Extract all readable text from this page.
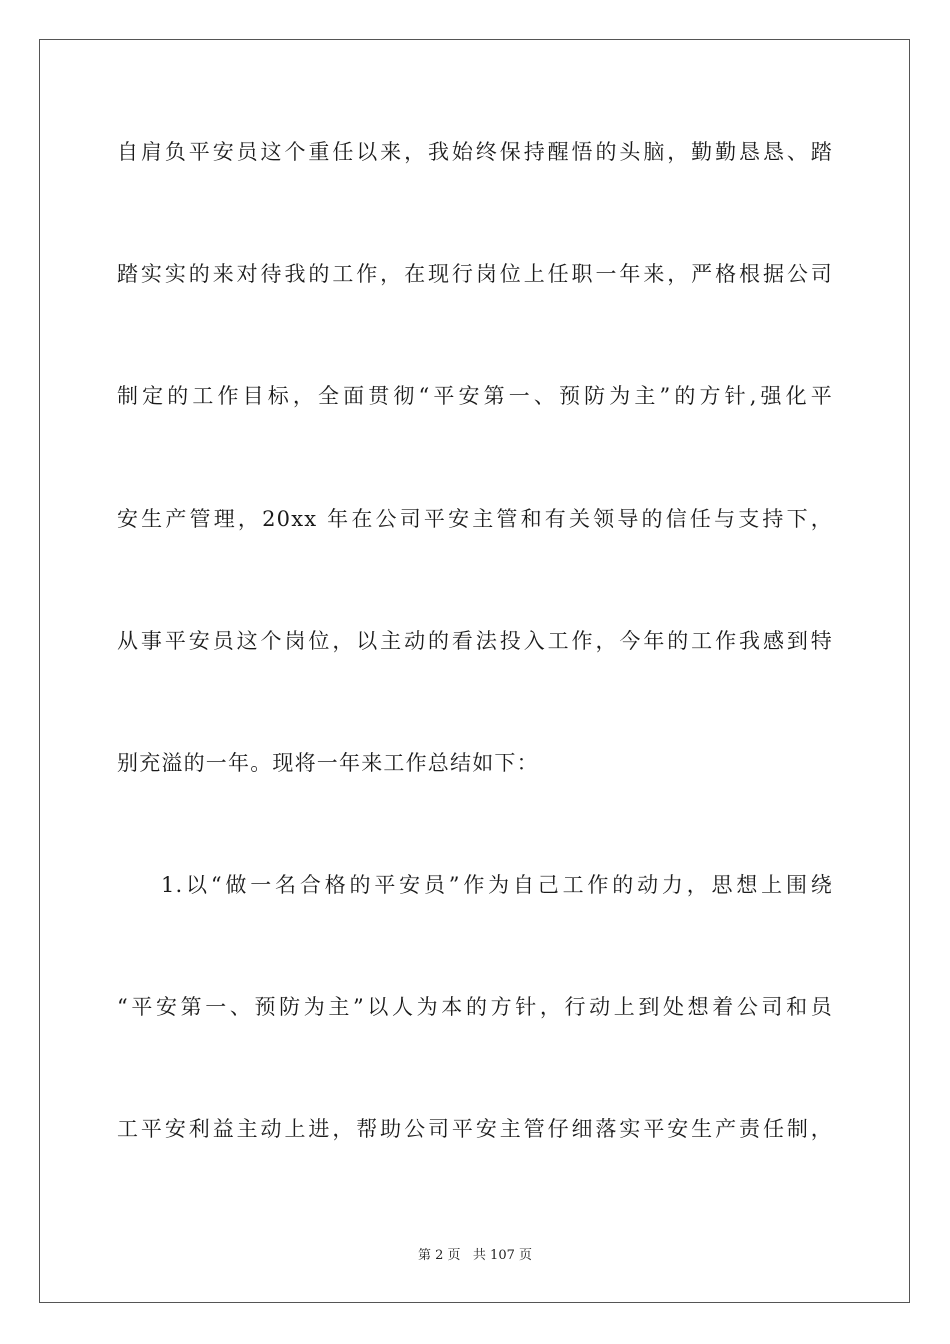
自肩负平安员这个重任以来，我始终保持醒悟的头脑，勤勤恳恳、踏
踏实实的来对待我的工作，在现行岗位上任职一年来，严格根据公司
制定的工作目标，全面贯彻“平安第一、预防为主”的方针,强化平
安生产管理，20xx 年在公司平安主管和有关领导的信任与支持下，
从事平安员这个岗位，以主动的看法投入工作，今年的工作我感到特
别充溢的一年。现将一年来工作总结如下：
1.以“做一名合格的平安员”作为自己工作的动力，思想上围绕
“平安第一、预防为主”以人为本的方针，行动上到处想着公司和员
工平安利益主动上进，帮助公司平安主管仔细落实平安生产责任制，
第 2 页   共 107 页
